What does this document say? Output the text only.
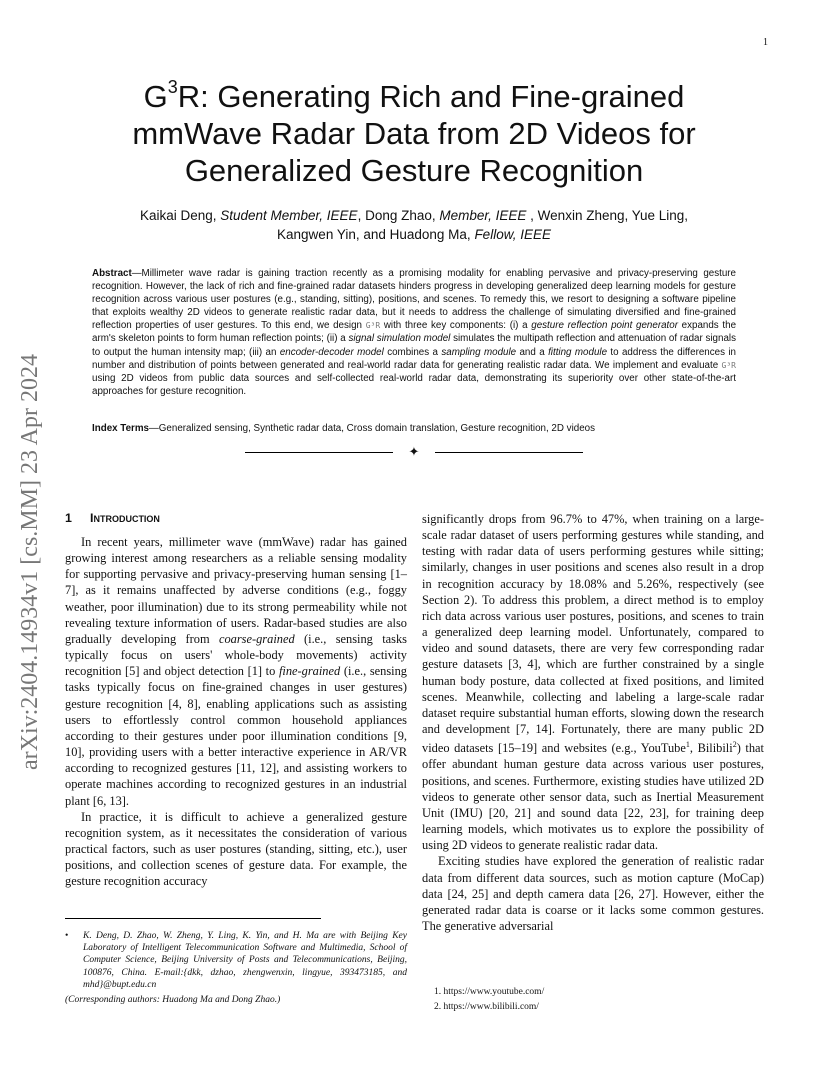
1
arXiv:2404.14934v1 [cs.MM] 23 Apr 2024
$G^3R$: Generating Rich and Fine-grained mmWave Radar Data from 2D Videos for Generalized Gesture Recognition
Kaikai Deng, Student Member, IEEE, Dong Zhao, Member, IEEE , Wenxin Zheng, Yue Ling,
Kangwen Yin, and Huadong Ma, Fellow, IEEE

Abstract—Millimeter wave radar is gaining traction recently as a promising modality for enabling pervasive and privacy-preserving gesture recognition. However, the lack of rich and fine-grained radar datasets hinders progress in developing generalized deep learning models for gesture recognition across various user postures (e.g., standing, sitting), positions, and scenes. To remedy this, we resort to designing a software pipeline that exploits wealthy 2D videos to generate realistic radar data, but it needs to address the challenge of simulating diversified and fine-grained reflection properties of user gestures. To this end, we design G³R with three key components: (i) a gesture reflection point generator expands the arm's skeleton points to form human reflection points; (ii) a signal simulation model simulates the multipath reflection and attenuation of radar signals to output the human intensity map; (iii) an encoder-decoder model combines a sampling module and a fitting module to address the differences in number and distribution of points between generated and real-world radar data for generating realistic radar data. We implement and evaluate G³R using 2D videos from public data sources and self-collected real-world radar data, demonstrating its superiority over other state-of-the-art approaches for gesture recognition.

Index Terms—Generalized sensing, Synthetic radar data, Cross domain translation, Gesture recognition, 2D videos

✦
1 Introduction

In recent years, millimeter wave (mmWave) radar has gained growing interest among researchers as a reliable sensing modality for supporting pervasive and privacy-preserving human sensing [1–7], as it remains unaffected by adverse conditions (e.g., foggy weather, poor illumination) due to its strong permeability while not revealing texture information of users. Radar-based studies are also gradually developing from coarse-grained (i.e., sensing tasks typically focus on users' whole-body movements) activity recognition [5] and object detection [1] to fine-grained (i.e., sensing tasks typically focus on fine-grained changes in user gestures) gesture recognition [4, 8], enabling applications such as assisting users to effortlessly control common household appliances according to their gestures under poor illumination conditions [9, 10], providing users with a better interactive experience in AR/VR according to recognized gestures [11, 12], and assisting workers to operate machines according to recognized gestures in an industrial plant [6, 13].

In practice, it is difficult to achieve a generalized gesture recognition system, as it necessitates the consideration of various practical factors, such as user postures (standing, sitting, etc.), user positions, and collection scenes of gesture data. For example, the gesture recognition accuracy

significantly drops from 96.7% to 47%, when training on a large-scale radar dataset of users performing gestures while standing, and testing with radar data of users performing gestures while sitting; similarly, changes in user positions and scenes also result in a drop in recognition accuracy by 18.08% and 5.26%, respectively (see Section 2). To address this problem, a direct method is to employ rich data across various user postures, positions, and scenes to train a generalized deep learning model. Unfortunately, compared to video and sound datasets, there are very few corresponding radar gesture datasets [3, 4], which are further constrained by a single human body posture, data collected at fixed positions, and limited scenes. Meanwhile, collecting and labeling a large-scale radar dataset require substantial human efforts, slowing down the research and development [7, 14]. Fortunately, there are many public 2D video datasets [15–19] and websites (e.g., YouTube$^1$, Bilibili$^2$) that offer abundant human gesture data across various user postures, positions, and scenes. Furthermore, existing studies have utilized 2D videos to generate other sensor data, such as Inertial Measurement Unit (IMU) [20, 21] and sound data [22, 23], for training deep learning models, which motivates us to explore the possibility of using 2D videos to generate realistic radar data.

Exciting studies have explored the generation of realistic radar data from different data sources, such as motion capture (MoCap) data [24, 25] and depth camera data [26, 27]. However, either the generated radar data is coarse or it lacks some common gestures. The generative adversarial

• K. Deng, D. Zhao, W. Zheng, Y. Ling, K. Yin, and H. Ma are with Beijing Key Laboratory of Intelligent Telecommunication Software and Multimedia, School of Computer Science, Beijing University of Posts and Telecommunications, Beijing, 100876, China. E-mail:{dkk, dzhao, zhengwenxin, lingyue, 393473185, and mhd}@bupt.edu.cn
(Corresponding authors: Huadong Ma and Dong Zhao.)
1. https://www.youtube.com/
2. https://www.bilibili.com/
